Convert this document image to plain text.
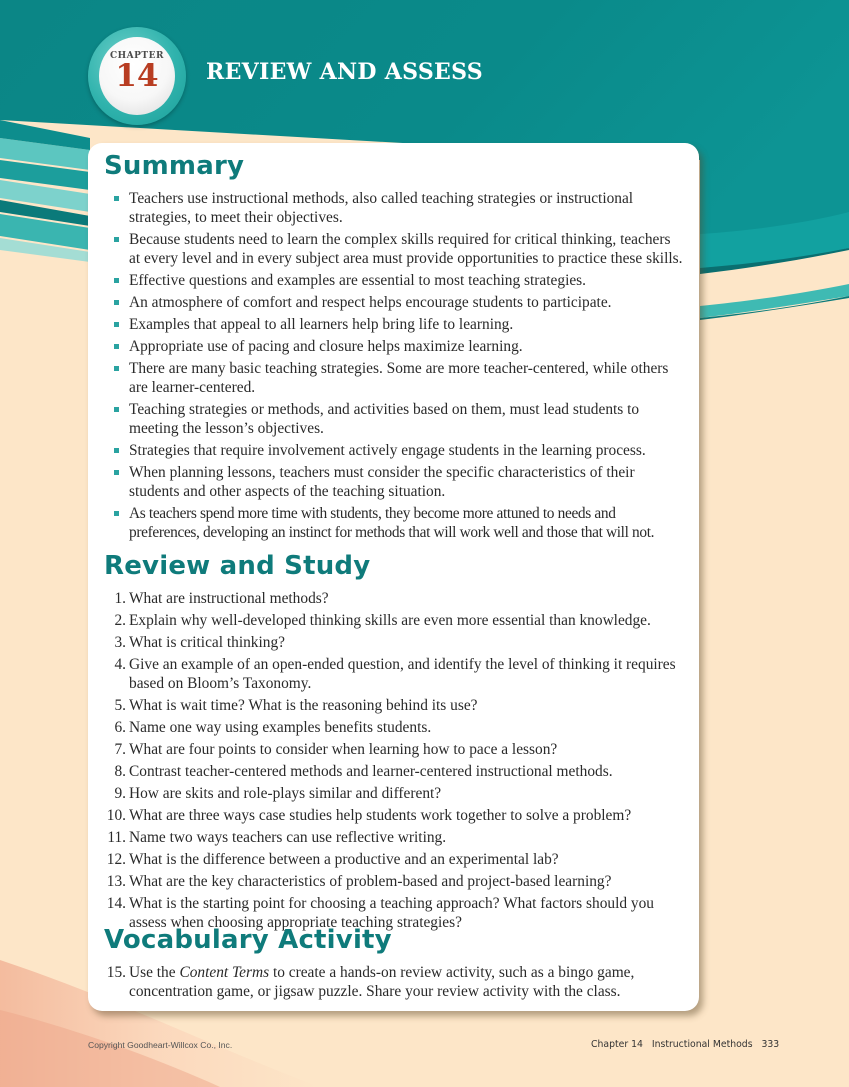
CHAPTER
14	REVIEW AND ASSESS
Summary
Teachers use instructional methods, also called teaching strategies or instructional strategies, to meet their objectives.
Because students need to learn the complex skills required for critical thinking, teachers at every level and in every subject area must provide opportunities to practice these skills.
Effective questions and examples are essential to most teaching strategies.
An atmosphere of comfort and respect helps encourage students to participate.
Examples that appeal to all learners help bring life to learning.
Appropriate use of pacing and closure helps maximize learning.
There are many basic teaching strategies. Some are more teacher-centered, while others are learner-centered.
Teaching strategies or methods, and activities based on them, must lead students to meeting the lesson’s objectives.
Strategies that require involvement actively engage students in the learning process.
When planning lessons, teachers must consider the specific characteristics of their students and other aspects of the teaching situation.
As teachers spend more time with students, they become more attuned to needs and preferences, developing an instinct for methods that will work well and those that will not.
Review and Study
1. What are instructional methods?
2. Explain why well-developed thinking skills are even more essential than knowledge.
3. What is critical thinking?
4. Give an example of an open-ended question, and identify the level of thinking it requires based on Bloom’s Taxonomy.
5. What is wait time? What is the reasoning behind its use?
6. Name one way using examples benefits students.
7. What are four points to consider when learning how to pace a lesson?
8. Contrast teacher-centered methods and learner-centered instructional methods.
9. How are skits and role-plays similar and different?
10. What are three ways case studies help students work together to solve a problem?
11. Name two ways teachers can use reflective writing.
12. What is the difference between a productive and an experimental lab?
13. What are the key characteristics of problem-based and project-based learning?
14. What is the starting point for choosing a teaching approach? What factors should you assess when choosing appropriate teaching strategies?
Vocabulary Activity
15. Use the Content Terms to create a hands-on review activity, such as a bingo game, concentration game, or jigsaw puzzle. Share your review activity with the class.
Copyright Goodheart-Willcox Co., Inc.	Chapter 14 Instructional Methods 333
